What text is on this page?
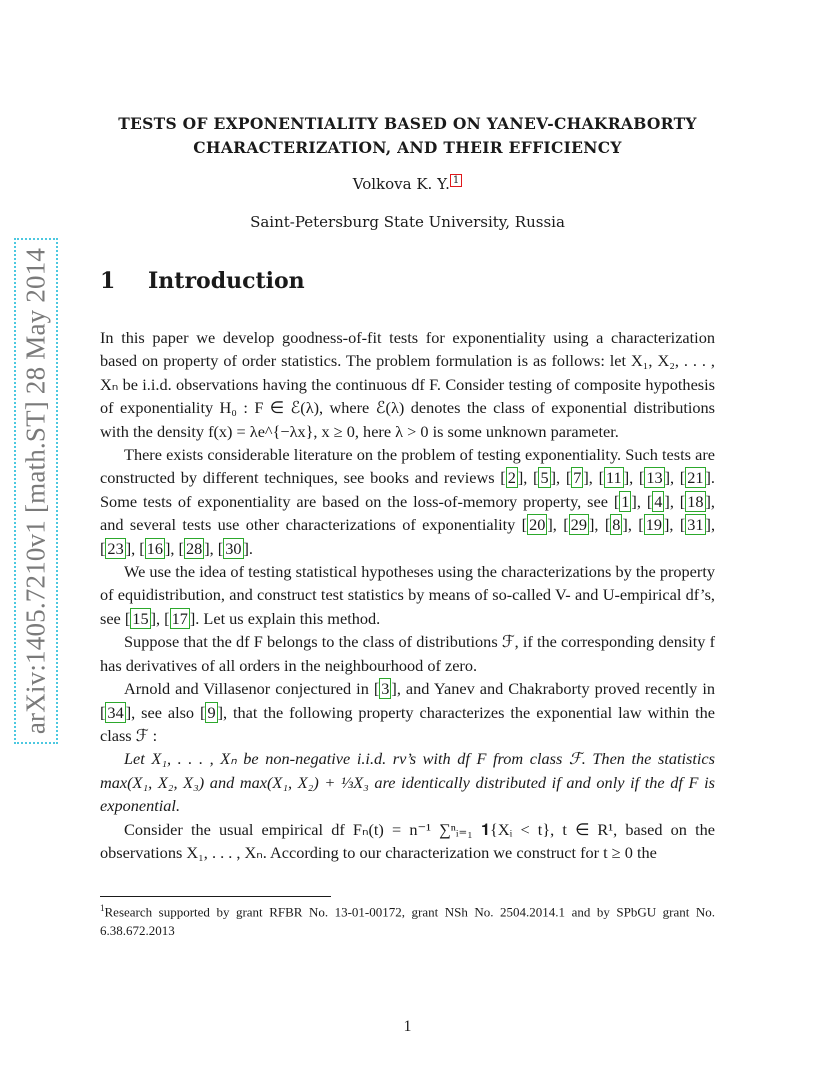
arXiv:1405.7210v1 [math.ST] 28 May 2014
TESTS OF EXPONENTIALITY BASED ON YANEV-CHAKRABORTY
CHARACTERIZATION, AND THEIR EFFICIENCY
Volkova K. Y. 1
Saint-Petersburg State University, Russia
1 Introduction

In this paper we develop goodness-of-fit tests for exponentiality using a characterization based on property of order statistics. The problem formulation is as follows: let X₁, X₂, . . . , Xₙ be i.i.d. observations having the continuous df F. Consider testing of composite hypothesis of exponentiality H₀ : F ∈ ℰ(λ), where ℰ(λ) denotes the class of exponential distributions with the density f(x) = λe^{−λx}, x ≥ 0, here λ > 0 is some unknown parameter.

There exists considerable literature on the problem of testing exponentiality. Such tests are constructed by different techniques, see books and reviews [ 2 ], [ 5 ], [ 7 ], [ 11 ], [ 13 ], [ 21 ]. Some tests of exponentiality are based on the loss-of-memory property, see [ 1 ], [ 4 ], [ 18 ], and several tests use other characterizations of exponentiality [ 20 ], [ 29 ], [ 8 ], [ 19 ], [ 31 ], [ 23 ], [ 16 ], [ 28 ], [ 30 ].

We use the idea of testing statistical hypotheses using the characterizations by the property of equidistribution, and construct test statistics by means of so-called V- and U-empirical df’s, see [ 15 ], [ 17 ]. Let us explain this method.

Suppose that the df F belongs to the class of distributions ℱ, if the corresponding density f has derivatives of all orders in the neighbourhood of zero.

Arnold and Villasenor conjectured in [ 3 ], and Yanev and Chakraborty proved recently in [ 34 ], see also [ 9 ], that the following property characterizes the exponential law within the class ℱ :

Let X₁, . . . , Xₙ be non-negative i.i.d. rv’s with df F from class ℱ. Then the statistics max(X₁, X₂, X₃) and max(X₁, X₂) + ⅓X₃ are identically distributed if and only if the df F is exponential.

Consider the usual empirical df Fₙ(t) = n⁻¹ ∑ⁿᵢ₌₁ 𝟏{Xᵢ < t}, t ∈ R¹, based on the observations X₁, . . . , Xₙ. According to our characterization we construct for t ≥ 0 the

$^1$Research supported by grant RFBR No. 13-01-00172, grant NSh No. 2504.2014.1 and by SPbGU grant No. 6.38.672.2013
1
